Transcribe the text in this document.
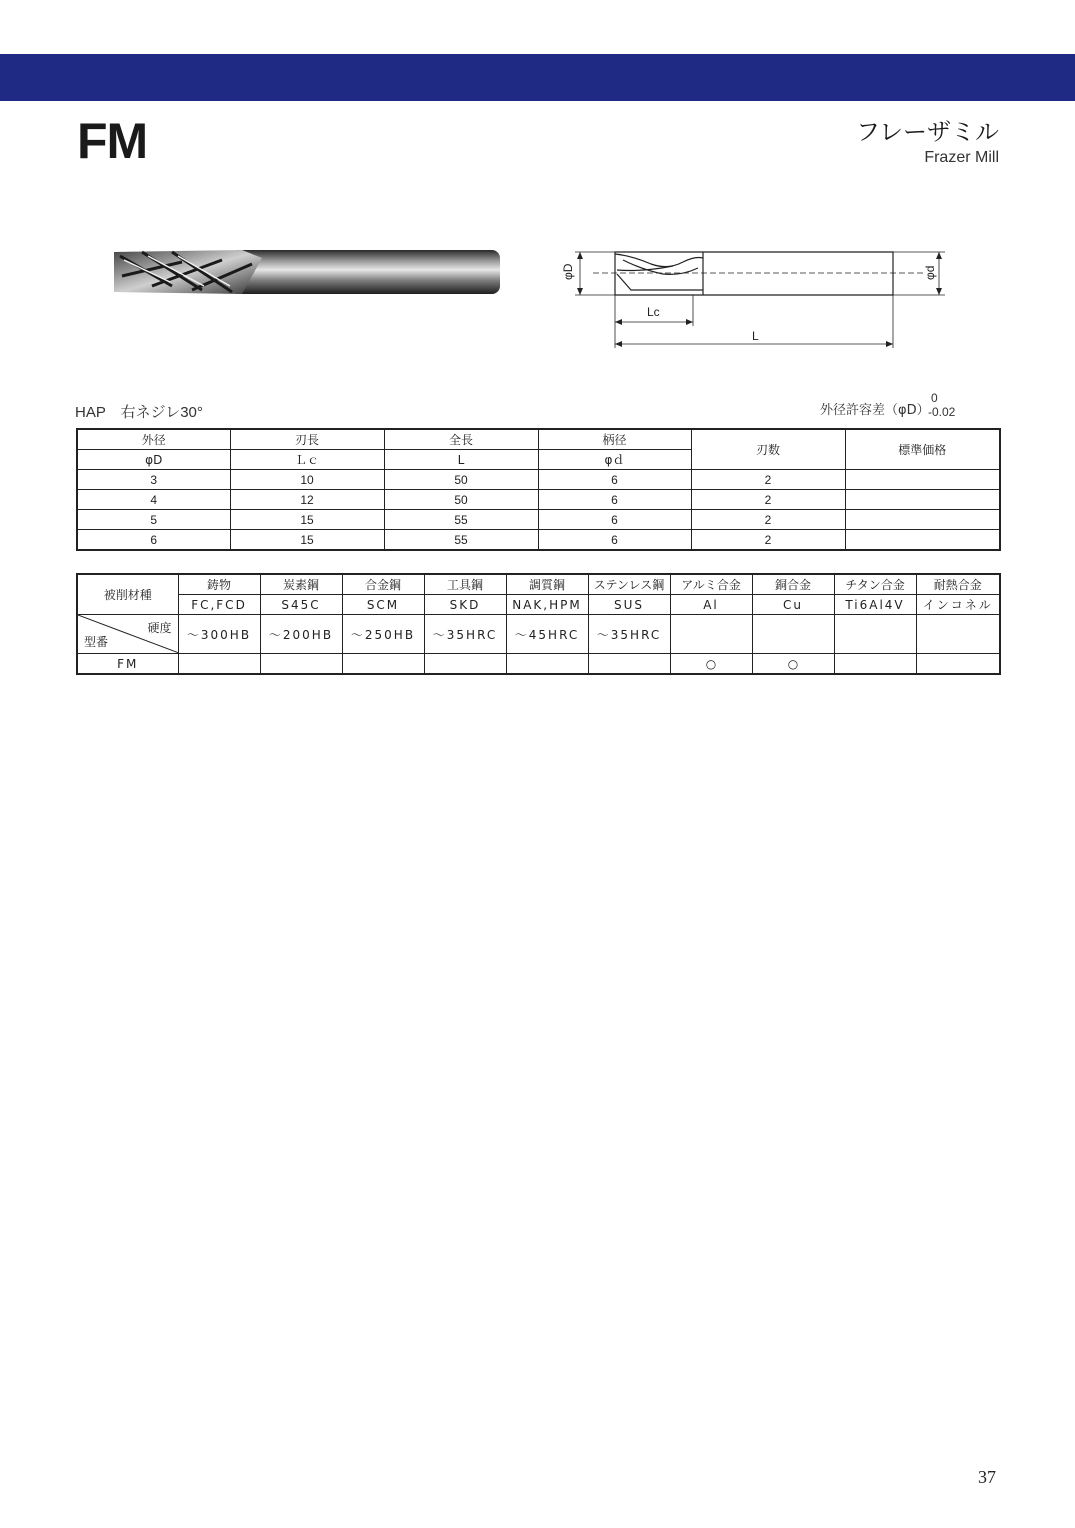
FM	フレーザミル
Frazer Mill
φD	φd
Lc
L
HAP　右ネジレ30°	外径許容差（φD）
0
-0.02
外径	刃長	全長	柄径	刃数	標準価格
φD	Ｌｃ	L	φｄ		
3	10	50	6	2	
4	12	50	6	2	
5	15	55	6	2	
6	15	55	6	2	
被削材種	鋳物	炭素鋼	合金鋼	工具鋼	調質鋼	ステンレス鋼	アルミ合金	銅合金	チタン合金	耐熱合金
	FC,FCD	S45C	SCM	SKD	NAK,HPM	SUS	Al	Cu	Ti6Al4V	インコネル

硬度
型番	～300HB	～200HB	～250HB	～35HRC	～45HRC	～35HRC				
FM							○	○		
37
